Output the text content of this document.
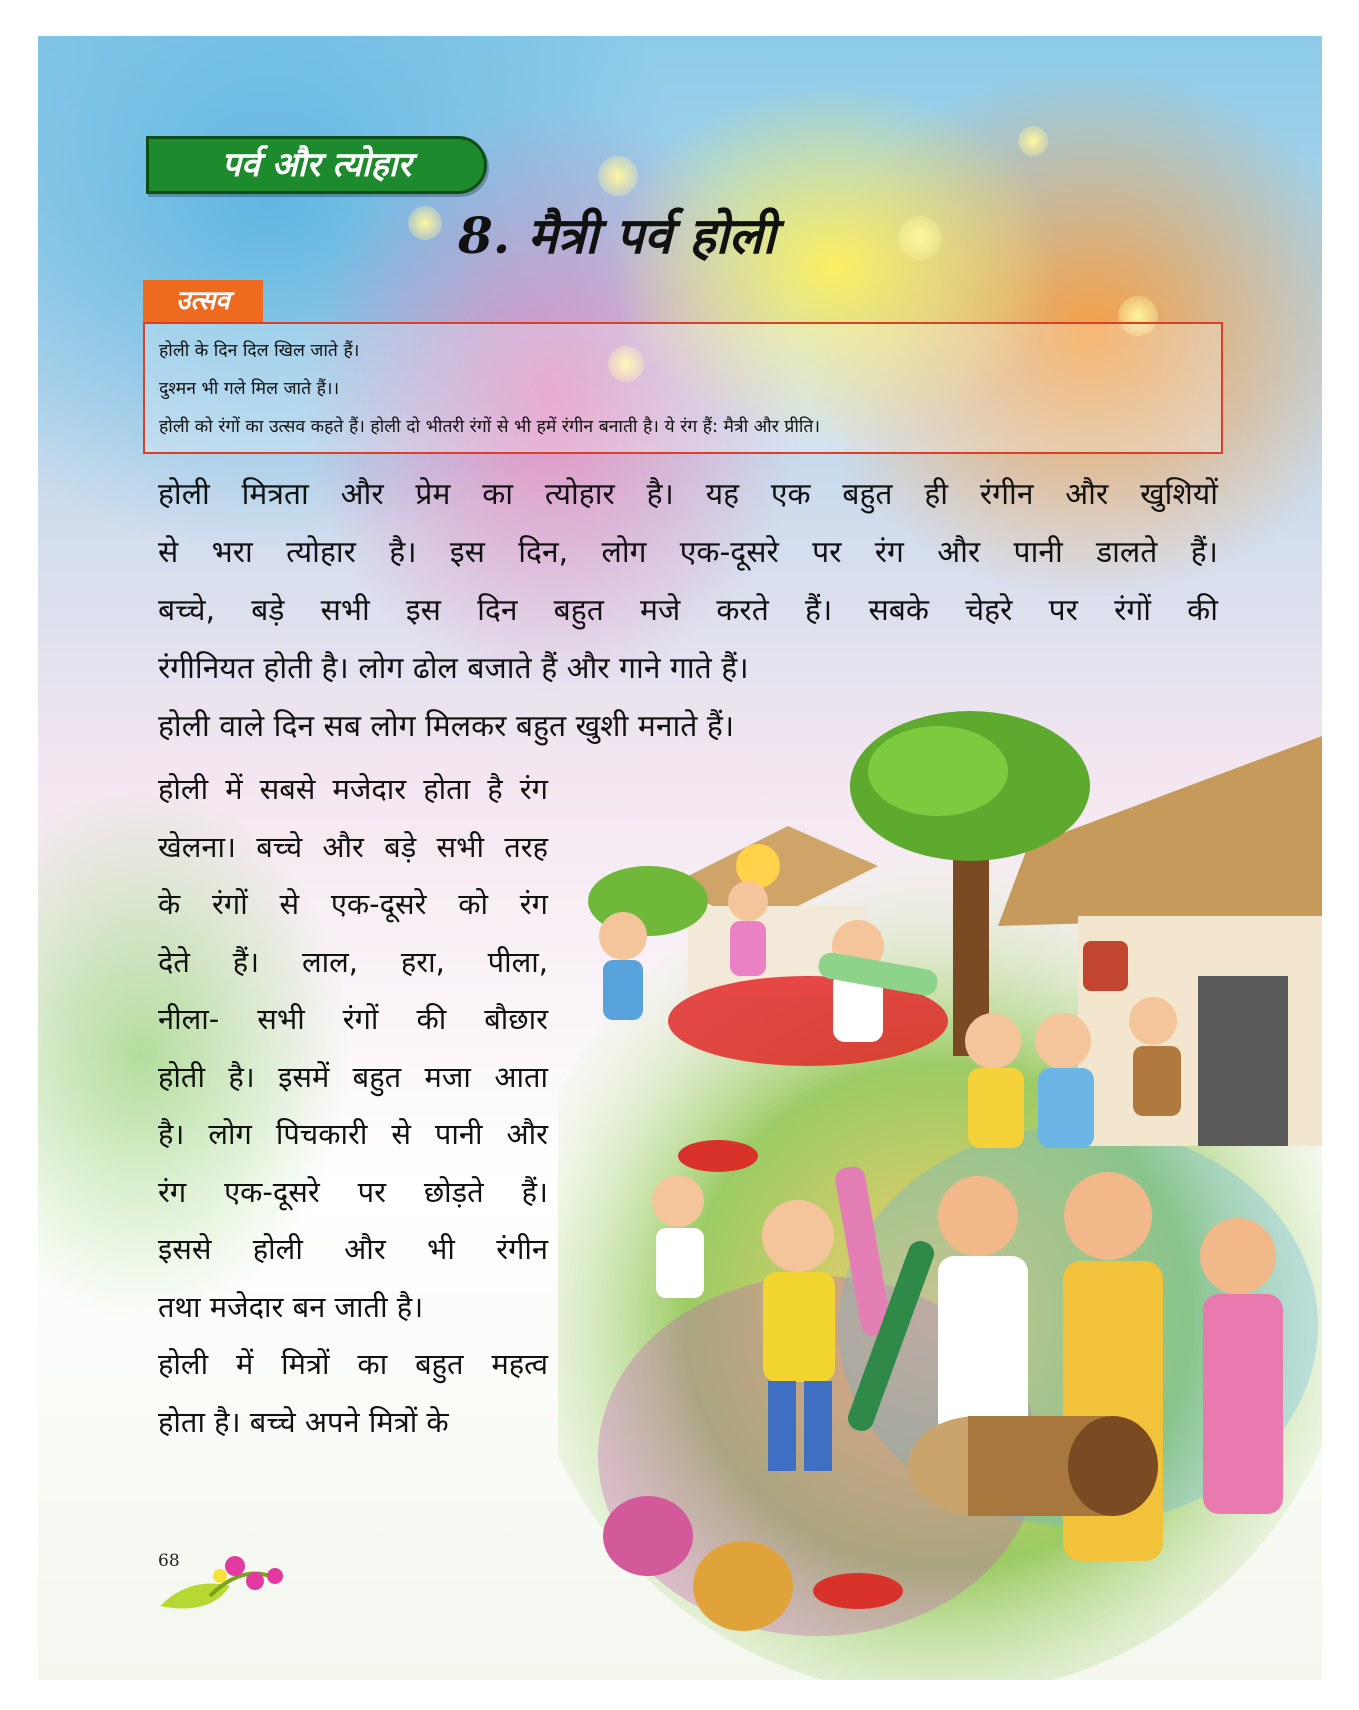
पर्व और त्योहार
8. मैत्री पर्व होली
उत्सव
होली के दिन दिल खिल जाते हैं।
दुश्मन भी गले मिल जाते हैं।।
होली को रंगों का उत्सव कहते हैं। होली दो भीतरी रंगों से भी हमें रंगीन बनाती है। ये रंग हैं: मैत्री और प्रीति।
होली मित्रता और प्रेम का त्योहार है। यह एक बहुत ही रंगीन और खुशियों
से भरा त्योहार है। इस दिन, लोग एक-दूसरे पर रंग और पानी डालते हैं।
बच्चे, बड़े सभी इस दिन बहुत मजे करते हैं। सबके चेहरे पर रंगों की
रंगीनियत होती है। लोग ढोल बजाते हैं और गाने गाते हैं।
होली वाले दिन सब लोग मिलकर बहुत खुशी मनाते हैं।
होली में सबसे मजेदार होता है रंग
खेलना। बच्चे और बड़े सभी तरह
के रंगों से एक-दूसरे को रंग
देते हैं। लाल, हरा, पीला,
नीला- सभी रंगों की बौछार
होती है। इसमें बहुत मजा आता
है। लोग पिचकारी से पानी और
रंग एक-दूसरे पर छोड़ते हैं।
इससे होली और भी रंगीन
तथा मजेदार बन जाती है।
होली में मित्रों का बहुत महत्व
होता है। बच्चे अपने मित्रों के
68
